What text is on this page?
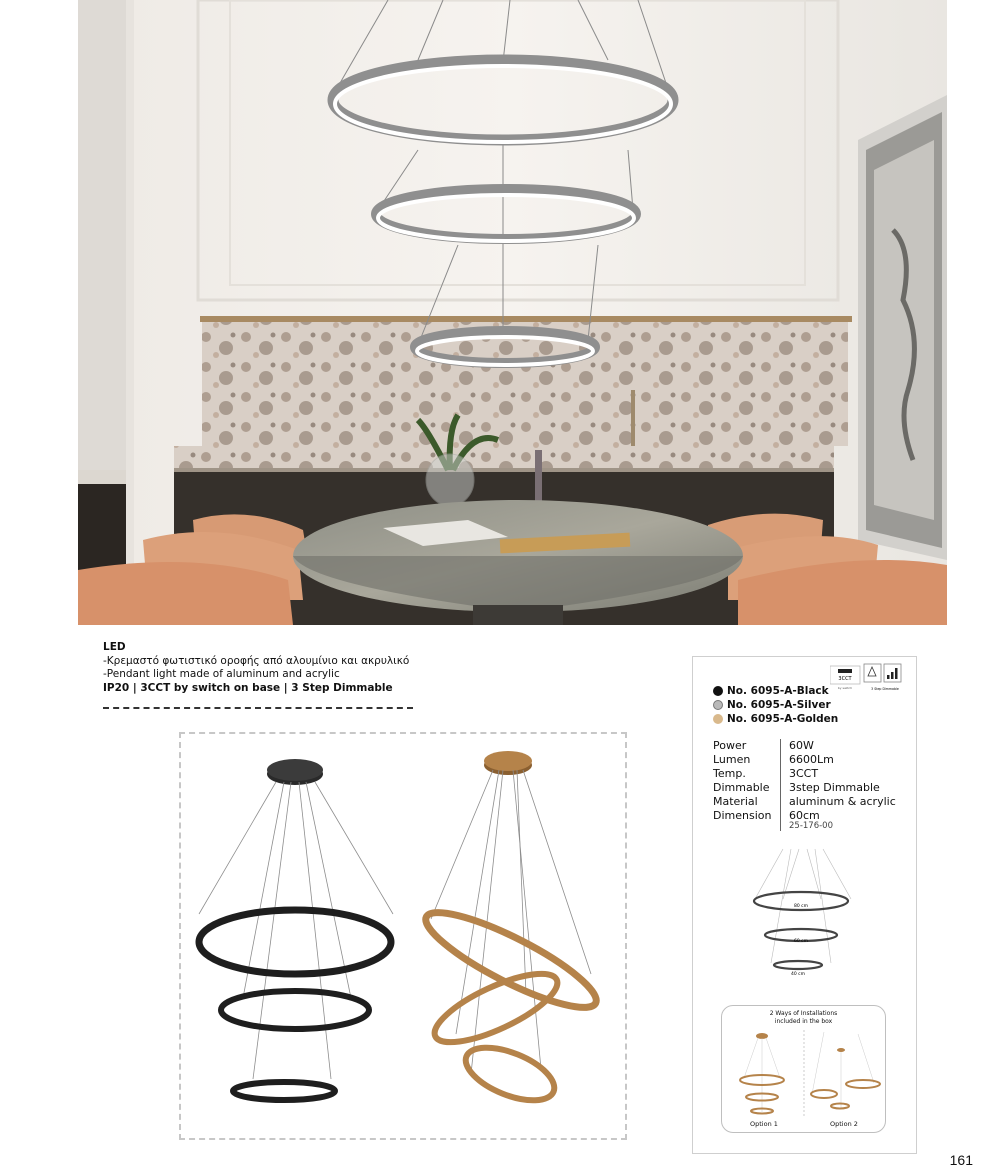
LED
-Κρεμαστό φωτιστικό οροφής από αλουμίνιο και ακρυλικό
-Pendant light made of aluminum and acrylic
IP20 | 3CCT by switch on base | 3 Step Dimmable
3CCT
by switch	3 Step Dimmable
No. 6095-A-Black
No. 6095-A-Silver
No. 6095-A-Golden
Power	60W
Lumen	6600Lm
Temp.	3CCT
Dimmable	3step Dimmable
Material	aluminum & acrylic
Dimension	60cm
25-176-00
80 cm
60 cm
40 cm
2 Ways of Installations
included in the box
Option 1	Option 2
161
